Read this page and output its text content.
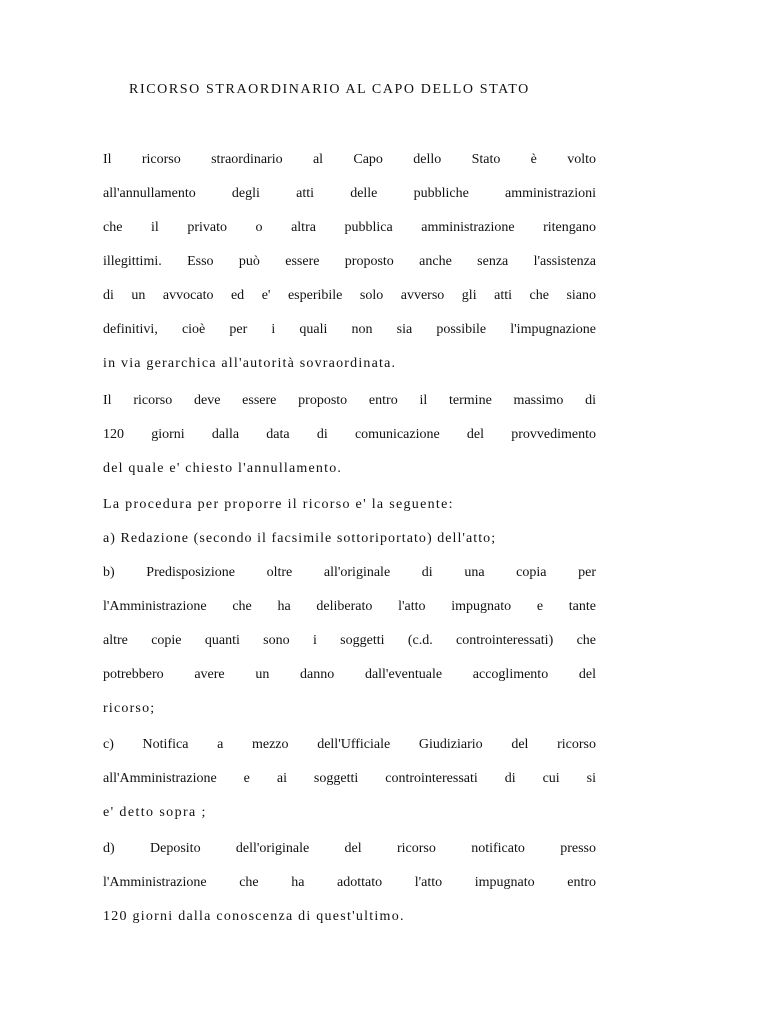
RICORSO STRAORDINARIO AL CAPO DELLO STATO
Il ricorso straordinario al Capo dello Stato è volto
all'annullamento degli atti delle pubbliche amministrazioni
che il privato o altra pubblica amministrazione ritengano
illegittimi. Esso può essere proposto anche senza l'assistenza
di un avvocato ed e' esperibile solo avverso gli atti che siano
definitivi, cioè per i quali non sia possibile l'impugnazione
in via gerarchica all'autorità sovraordinata.
Il ricorso deve essere proposto entro il termine massimo di
120 giorni dalla data di comunicazione del provvedimento
del quale e' chiesto l'annullamento.
La procedura per proporre il ricorso e' la seguente:
a) Redazione (secondo il facsimile sottoriportato) dell'atto;
b) Predisposizione oltre all'originale di una copia per
l'Amministrazione che ha deliberato l'atto impugnato e tante
altre copie quanti sono i soggetti (c.d. controinteressati) che
potrebbero avere un danno dall'eventuale accoglimento del
ricorso;
c) Notifica a mezzo dell'Ufficiale Giudiziario del ricorso
all'Amministrazione e ai soggetti controinteressati di cui si
e' detto sopra ;
d) Deposito dell'originale del ricorso notificato presso
l'Amministrazione che ha adottato l'atto impugnato entro
120 giorni dalla conoscenza di quest'ultimo.
